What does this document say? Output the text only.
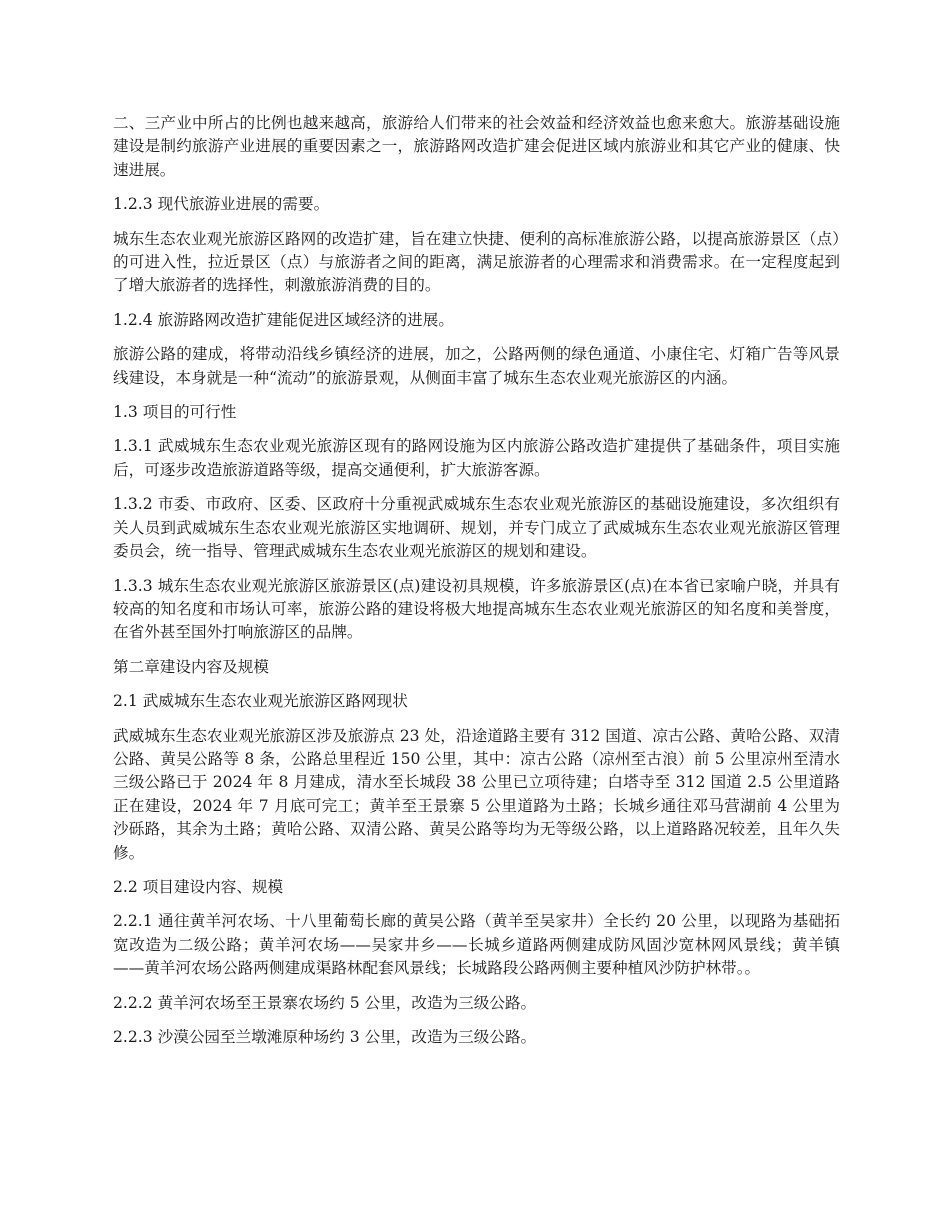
二、三产业中所占的比例也越来越高，旅游给人们带来的社会效益和经济效益也愈来愈大。旅游基础设施建设是制约旅游产业进展的重要因素之一，旅游路网改造扩建会促进区域内旅游业和其它产业的健康、快速进展。

1.2.3 现代旅游业进展的需要。

城东生态农业观光旅游区路网的改造扩建，旨在建立快捷、便利的高标准旅游公路，以提高旅游景区（点）的可进入性，拉近景区（点）与旅游者之间的距离，满足旅游者的心理需求和消费需求。在一定程度起到了增大旅游者的选择性，刺激旅游消费的目的。

1.2.4 旅游路网改造扩建能促进区域经济的进展。

旅游公路的建成，将带动沿线乡镇经济的进展，加之，公路两侧的绿色通道、小康住宅、灯箱广告等风景线建设，本身就是一种“流动”的旅游景观，从侧面丰富了城东生态农业观光旅游区的内涵。

1.3 项目的可行性

1.3.1 武威城东生态农业观光旅游区现有的路网设施为区内旅游公路改造扩建提供了基础条件，项目实施后，可逐步改造旅游道路等级，提高交通便利，扩大旅游客源。

1.3.2 市委、市政府、区委、区政府十分重视武威城东生态农业观光旅游区的基础设施建设，多次组织有关人员到武威城东生态农业观光旅游区实地调研、规划，并专门成立了武威城东生态农业观光旅游区管理委员会，统一指导、管理武威城东生态农业观光旅游区的规划和建设。

1.3.3 城东生态农业观光旅游区旅游景区(点)建设初具规模，许多旅游景区(点)在本省已家喻户晓，并具有较高的知名度和市场认可率，旅游公路的建设将极大地提高城东生态农业观光旅游区的知名度和美誉度，在省外甚至国外打响旅游区的品牌。

第二章建设内容及规模

2.1 武威城东生态农业观光旅游区路网现状

武威城东生态农业观光旅游区涉及旅游点 23 处，沿途道路主要有 312 国道、凉古公路、黄哈公路、双清公路、黄吴公路等 8 条，公路总里程近 150 公里，其中：凉古公路（凉州至古浪）前 5 公里凉州至清水三级公路已于 2024 年 8 月建成，清水至长城段 38 公里已立项待建；白塔寺至 312 国道 2.5 公里道路正在建设，2024 年 7 月底可完工；黄羊至王景寨 5 公里道路为土路；长城乡通往邓马营湖前 4 公里为沙砾路，其余为土路；黄哈公路、双清公路、黄吴公路等均为无等级公路，以上道路路况较差，且年久失修。

2.2 项目建设内容、规模

2.2.1 通往黄羊河农场、十八里葡萄长廊的黄吴公路（黄羊至吴家井）全长约 20 公里，以现路为基础拓宽改造为二级公路；黄羊河农场——吴家井乡——长城乡道路两侧建成防风固沙宽林网风景线；黄羊镇——黄羊河农场公路两侧建成渠路林配套风景线；长城路段公路两侧主要种植风沙防护林带。。

2.2.2 黄羊河农场至王景寨农场约 5 公里，改造为三级公路。

2.2.3 沙漠公园至兰墩滩原种场约 3 公里，改造为三级公路。
